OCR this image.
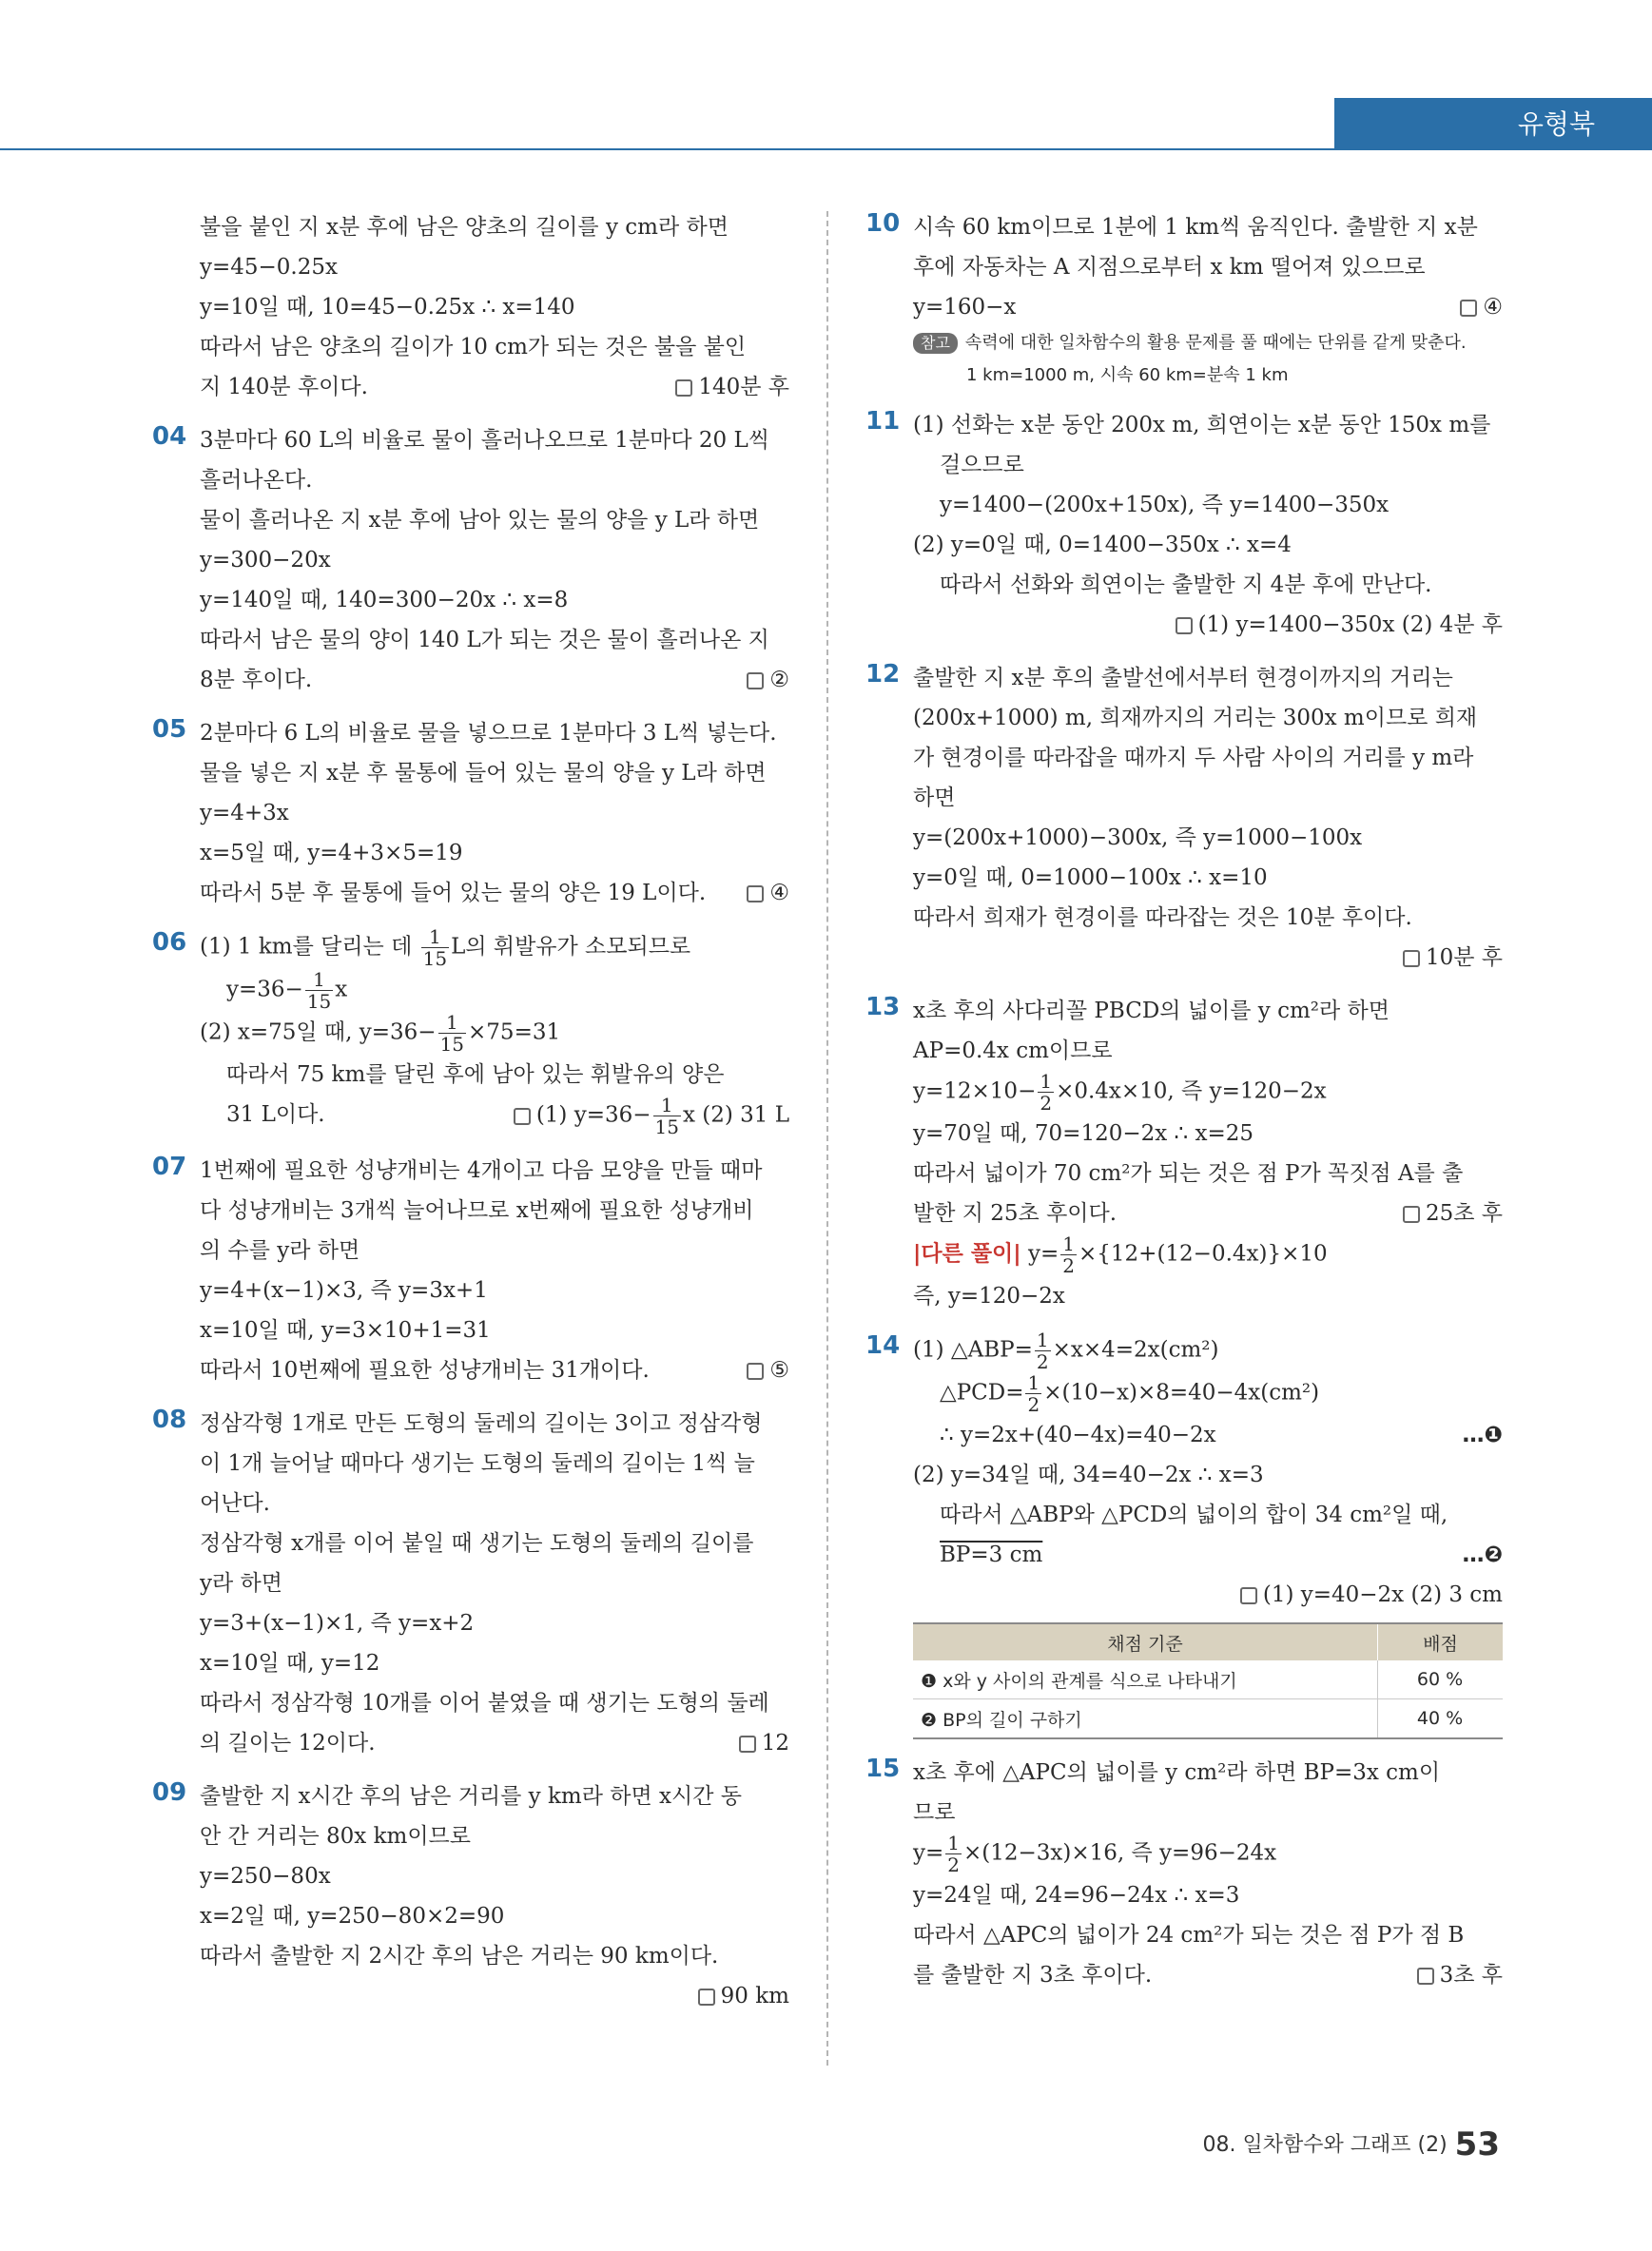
유형북
불을 붙인 지 x분 후에 남은 양초의 길이를 y cm라 하면
y=45−0.25x
y=10일 때, 10=45−0.25x ∴ x=140
따라서 남은 양초의 길이가 10 cm가 되는 것은 불을 붙인
지 140분 후이다.	140분 후
04 3분마다 60 L의 비율로 물이 흘러나오므로 1분마다 20 L씩
흘러나온다.
물이 흘러나온 지 x분 후에 남아 있는 물의 양을 y L라 하면
y=300−20x
y=140일 때, 140=300−20x ∴ x=8
따라서 남은 물의 양이 140 L가 되는 것은 물이 흘러나온 지
8분 후이다.	②
05 2분마다 6 L의 비율로 물을 넣으므로 1분마다 3 L씩 넣는다.
물을 넣은 지 x분 후 물통에 들어 있는 물의 양을 y L라 하면
y=4+3x
x=5일 때, y=4+3×5=19
따라서 5분 후 물통에 들어 있는 물의 양은 19 L이다.	④
06 (1) 1 km를 달리는 데 $\frac{1}{15}$ L의 휘발유가 소모되므로
$y=36- \frac{1}{15}$ x
(2) x=75일 때, $y=36- \frac{1}{15} \times 75=31$
따라서 75 km를 달린 후에 남아 있는 휘발유의 양은
31 L이다.	(1) $y=36- \frac{1}{15}$ x (2) 31 L
07 1번째에 필요한 성냥개비는 4개이고 다음 모양을 만들 때마
다 성냥개비는 3개씩 늘어나므로 x번째에 필요한 성냥개비
의 수를 y라 하면
y=4+(x−1)×3, 즉 y=3x+1
x=10일 때, y=3×10+1=31
따라서 10번째에 필요한 성냥개비는 31개이다.	⑤
08 정삼각형 1개로 만든 도형의 둘레의 길이는 3이고 정삼각형
이 1개 늘어날 때마다 생기는 도형의 둘레의 길이는 1씩 늘
어난다.
정삼각형 x개를 이어 붙일 때 생기는 도형의 둘레의 길이를
y라 하면
y=3+(x−1)×1, 즉 y=x+2
x=10일 때, y=12
따라서 정삼각형 10개를 이어 붙였을 때 생기는 도형의 둘레
의 길이는 12이다.	12
09 출발한 지 x시간 후의 남은 거리를 y km라 하면 x시간 동
안 간 거리는 80x km이므로
y=250−80x
x=2일 때, y=250−80×2=90
따라서 출발한 지 2시간 후의 남은 거리는 90 km이다.
90 km
10 시속 60 km이므로 1분에 1 km씩 움직인다. 출발한 지 x분
후에 자동차는 A 지점으로부터 x km 떨어져 있으므로
y=160−x	④
참고 속력에 대한 일차함수의 활용 문제를 풀 때에는 단위를 같게 맞춘다.
1 km=1000 m, 시속 60 km=분속 1 km
11 (1) 선화는 x분 동안 200x m, 희연이는 x분 동안 150x m를
걸으므로
y=1400−(200x+150x), 즉 y=1400−350x
(2) y=0일 때, 0=1400−350x ∴ x=4
따라서 선화와 희연이는 출발한 지 4분 후에 만난다.
(1) y=1400−350x (2) 4분 후
12 출발한 지 x분 후의 출발선에서부터 현경이까지의 거리는
(200x+1000) m, 희재까지의 거리는 300x m이므로 희재
가 현경이를 따라잡을 때까지 두 사람 사이의 거리를 y m라
하면
y=(200x+1000)−300x, 즉 y=1000−100x
y=0일 때, 0=1000−100x ∴ x=10
따라서 희재가 현경이를 따라잡는 것은 10분 후이다.
10분 후
13 x초 후의 사다리꼴 PBCD의 넓이를 y cm²라 하면
AP=0.4x cm이므로
$y=12\times 10- \frac{1}{2} \times 0.4x\times 10$, 즉 y=120−2x
y=70일 때, 70=120−2x ∴ x=25
따라서 넓이가 70 cm²가 되는 것은 점 P가 꼭짓점 A를 출
발한 지 25초 후이다.	25초 후
|다른 풀이| $y= \frac{1}{2} \times\{12+(12-0.4x)\}\times 10$
즉, y=120−2x
14 (1) △ABP= $\frac{1}{2} \times x\times 4=2x(cm^2)$
△PCD= $\frac{1}{2} \times(10-x)\times 8=40-4x(cm^2)$
∴ y=2x+(40−4x)=40−2x	…❶
(2) y=34일 때, 34=40−2x ∴ x=3
따라서 △ABP와 △PCD의 넓이의 합이 34 cm²일 때,
BP=3 cm	…❷
(1) y=40−2x (2) 3 cm
채점 기준	배점
❶ x와 y 사이의 관계를 식으로 나타내기	60 %
❷ BP의 길이 구하기	40 %
15 x초 후에 △APC의 넓이를 y cm²라 하면 BP=3x cm이
므로
$y= \frac{1}{2} \times(12-3x)\times 16$, 즉 y=96−24x
y=24일 때, 24=96−24x ∴ x=3
따라서 △APC의 넓이가 24 cm²가 되는 것은 점 P가 점 B
를 출발한 지 3초 후이다.	3초 후
08. 일차함수와 그래프 (2) 53
